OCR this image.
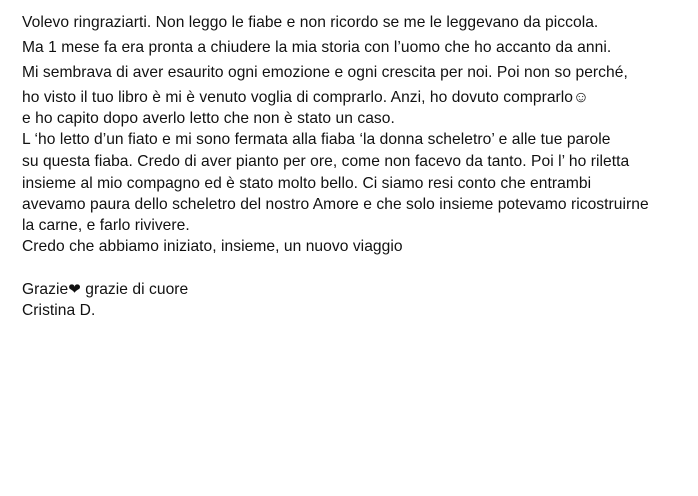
Volevo ringraziarti. Non leggo le fiabe e non ricordo se me le leggevano da piccola.
Ma 1 mese fa era pronta a chiudere la mia storia con l’uomo che ho accanto da anni.
Mi sembrava di aver esaurito ogni emozione e ogni crescita per noi. Poi non so perché,
ho visto il tuo libro è mi è venuto voglia di comprarlo. Anzi, ho dovuto comprarlo☺
e ho capito dopo averlo letto che non è stato un caso.
L ‘ho letto d’un fiato e mi sono fermata alla fiaba ‘la donna scheletro’ e alle tue parole
su questa fiaba. Credo di aver pianto per ore, come non facevo da tanto. Poi l’ ho riletta
insieme al mio compagno ed è stato molto bello. Ci siamo resi conto che entrambi
avevamo paura dello scheletro del nostro Amore e che solo insieme potevamo ricostruirne
la carne, e farlo rivivere.
Credo che abbiamo iniziato, insieme, un nuovo viaggio
Grazie❤ grazie di cuore
Cristina D.
